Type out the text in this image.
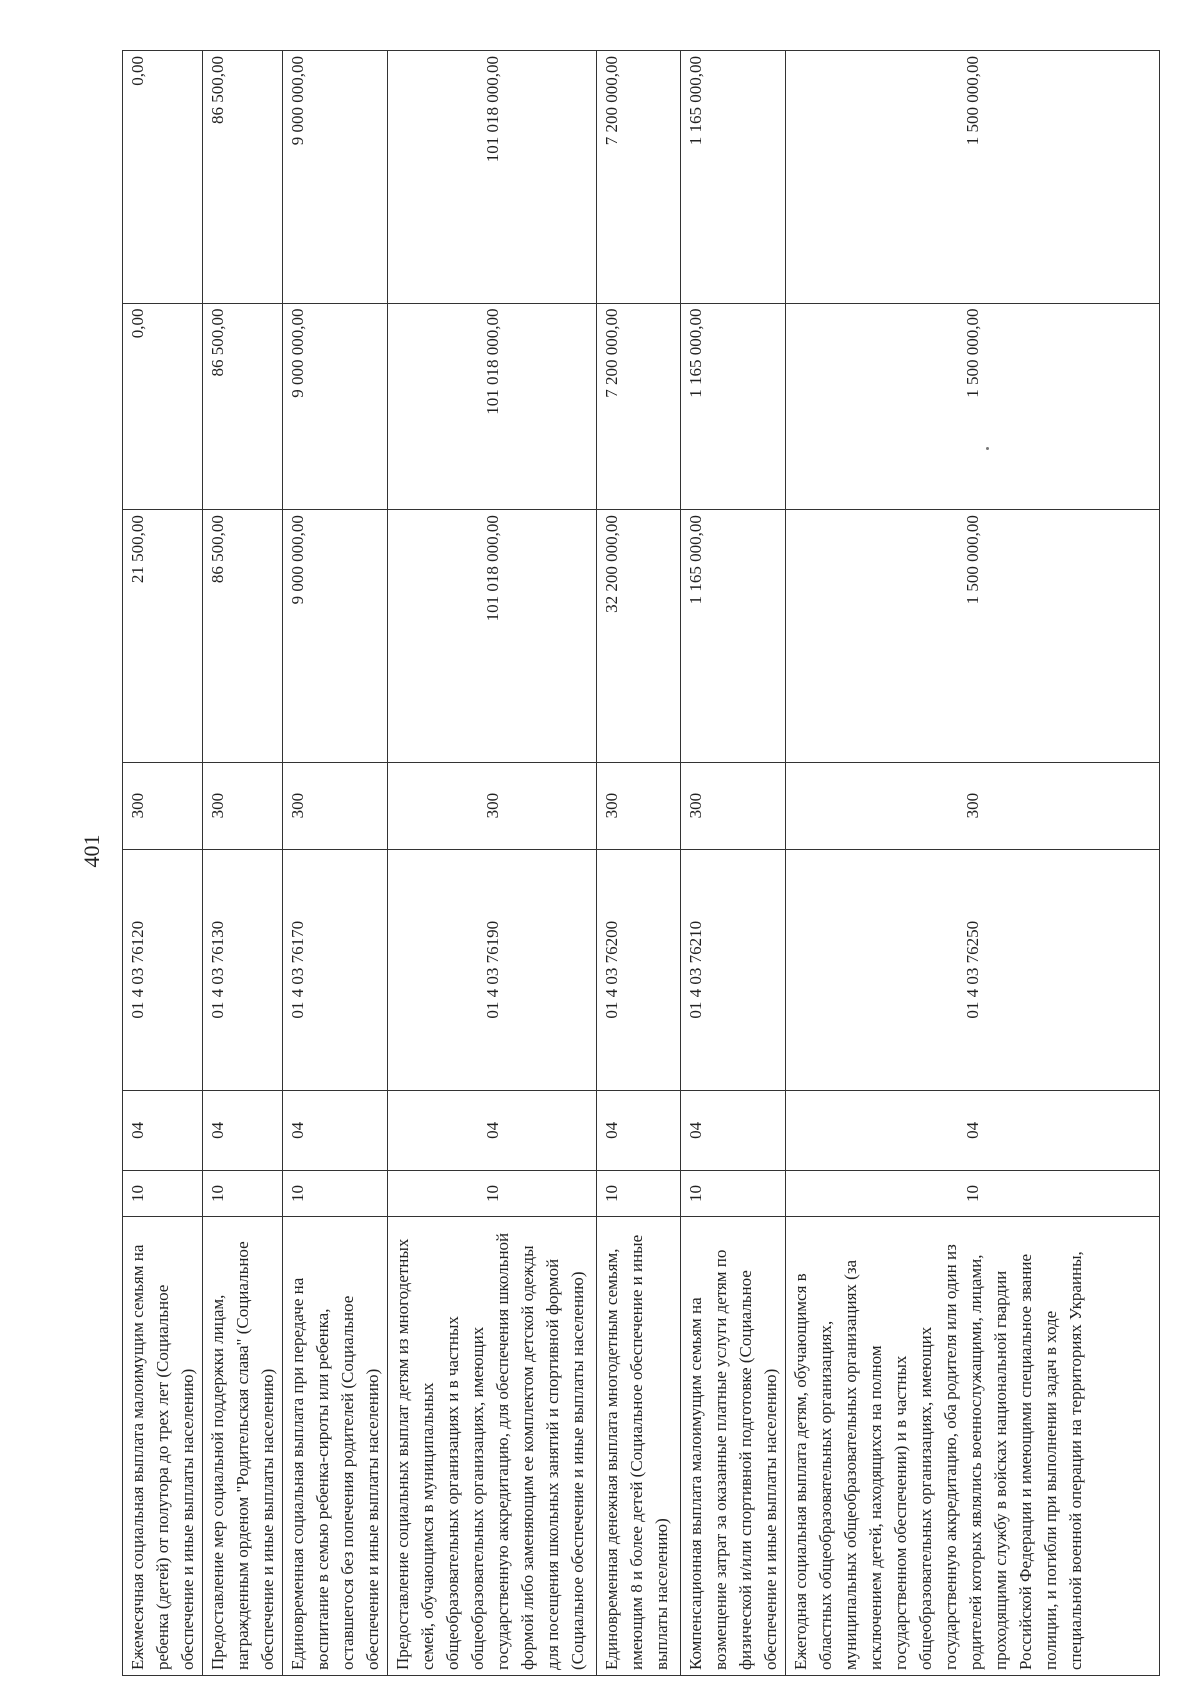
401
Ежемесячная социальная выплата малоимущим семьям на ребенка (детей) от полутора до трех лет (Социальное обеспечение и иные выплаты населению)	10	04	01 4 03 76120	300	21 500,00	0,00	0,00
Предоставление мер социальной поддержки лицам, награжденным орденом "Родительская слава" (Социальное обеспечение и иные выплаты населению)	10	04	01 4 03 76130	300	86 500,00	86 500,00	86 500,00
Единовременная социальная выплата при передаче на воспитание в семью ребенка-сироты или ребенка, оставшегося без попечения родителей (Социальное обеспечение и иные выплаты населению)	10	04	01 4 03 76170	300	9 000 000,00	9 000 000,00	9 000 000,00
Предоставление социальных выплат детям из многодетных семей, обучающимся в муниципальных общеобразовательных организациях и в частных общеобразовательных организациях, имеющих государственную аккредитацию, для обеспечения школьной формой либо заменяющим ее комплектом детской одежды для посещения школьных занятий и спортивной формой (Социальное обеспечение и иные выплаты населению)	10	04	01 4 03 76190	300	101 018 000,00	101 018 000,00	101 018 000,00
Единовременная денежная выплата многодетным семьям, имеющим 8 и более детей (Социальное обеспечение и иные выплаты населению)	10	04	01 4 03 76200	300	32 200 000,00	7 200 000,00	7 200 000,00
Компенсационная выплата малоимущим семьям на возмещение затрат за оказанные платные услуги детям по физической и/или спортивной подготовке (Социальное обеспечение и иные выплаты населению)	10	04	01 4 03 76210	300	1 165 000,00	1 165 000,00	1 165 000,00
Ежегодная социальная выплата детям, обучающимся в областных общеобразовательных организациях, муниципальных общеобразовательных организациях (за исключением детей, находящихся на полном государственном обеспечении) и в частных общеобразовательных организациях, имеющих государственную аккредитацию, оба родителя или один из родителей которых являлись военнослужащими, лицами, проходящими службу в войсках национальной гвардии Российской Федерации и имеющими специальное звание полиции, и погибли при выполнении задач в ходе специальной военной операции на территориях Украины,	10	04	01 4 03 76250	300	1 500 000,00	1 500 000,00	1 500 000,00
